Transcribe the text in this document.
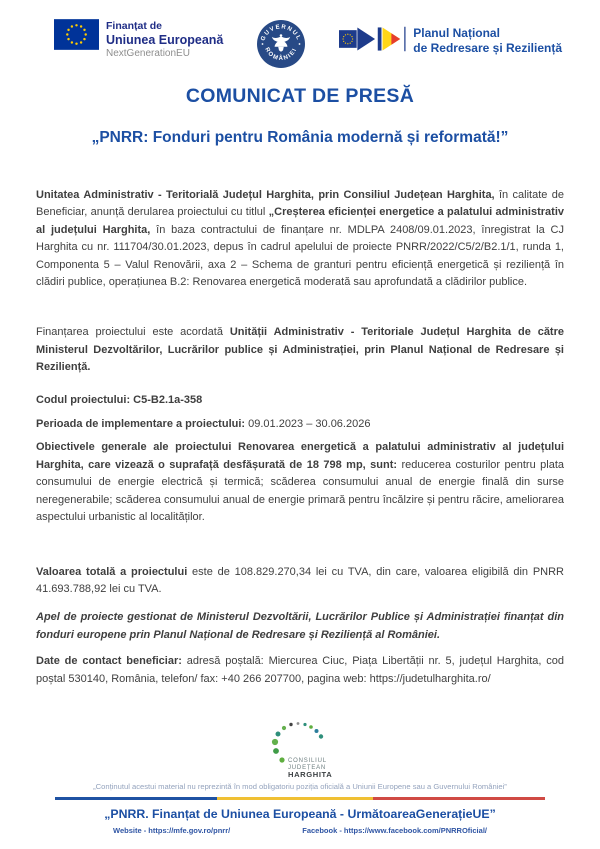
Finanțat de
Uniunea Europeană
NextGenerationEU
GUVERNUL
ROMÂNIEI
Planul Național
de Redresare și Reziliență
COMUNICAT DE PRESĂ
„PNRR: Fonduri pentru România modernă și reformată!”

Unitatea Administrativ - Teritorială Județul Harghita, prin Consiliul Județean Harghita, în calitate de Beneficiar, anunță derularea proiectului cu titlul „Creșterea eficienței energetice a palatului administrativ al județului Harghita, în baza contractului de finanțare nr. MDLPA 2408/09.01.2023, înregistrat la CJ Harghita cu nr. 111704/30.01.2023, depus în cadrul apelului de proiecte PNRR/2022/C5/2/B2.1/1, runda 1, Componenta 5 – Valul Renovării, axa 2 – Schema de granturi pentru eficiență energetică și reziliență în clădiri publice, operațiunea B.2: Renovarea energetică moderată sau aprofundată a clădirilor publice.

Finanțarea proiectului este acordată Unității Administrativ - Teritoriale Județul Harghita de către Ministerul Dezvoltărilor, Lucrărilor publice și Administrației, prin Planul Național de Redresare și Reziliență.

Codul proiectului: C5-B2.1a-358

Perioada de implementare a proiectului: 09.01.2023 – 30.06.2026

Obiectivele generale ale proiectului Renovarea energetică a palatului administrativ al județului Harghita, care vizează o suprafață desfășurată de 18 798 mp, sunt: reducerea costurilor pentru plata consumului de energie electrică și termică; scăderea consumului anual de energie finală din surse neregenerabile; scăderea consumului anual de energie primară pentru încălzire și pentru răcire, ameliorarea aspectului urbanistic al localităților.

Valoarea totală a proiectului este de 108.829.270,34 lei cu TVA, din care, valoarea eligibilă din PNRR 41.693.788,92 lei cu TVA.

Apel de proiecte gestionat de Ministerul Dezvoltării, Lucrărilor Publice și Administrației finanțat din fonduri europene prin Planul Național de Redresare și Reziliență al României.

Date de contact beneficiar: adresă poștală: Miercurea Ciuc, Piața Libertății nr. 5, județul Harghita, cod poștal 530140, România, telefon/ fax: +40 266 207700, pagina web: https://judetulharghita.ro/

CONSILIUL
JUDEȚEAN
HARGHITA
„Conținutul acestui material nu reprezintă în mod obligatoriu poziția oficială a Uniunii Europene sau a Guvernului României”
„PNRR. Finanțat de Uniunea Europeană - UrmătoareaGenerațieUE”
Website - https://mfe.gov.ro/pnrr/	Facebook - https://www.facebook.com/PNRROficial/
